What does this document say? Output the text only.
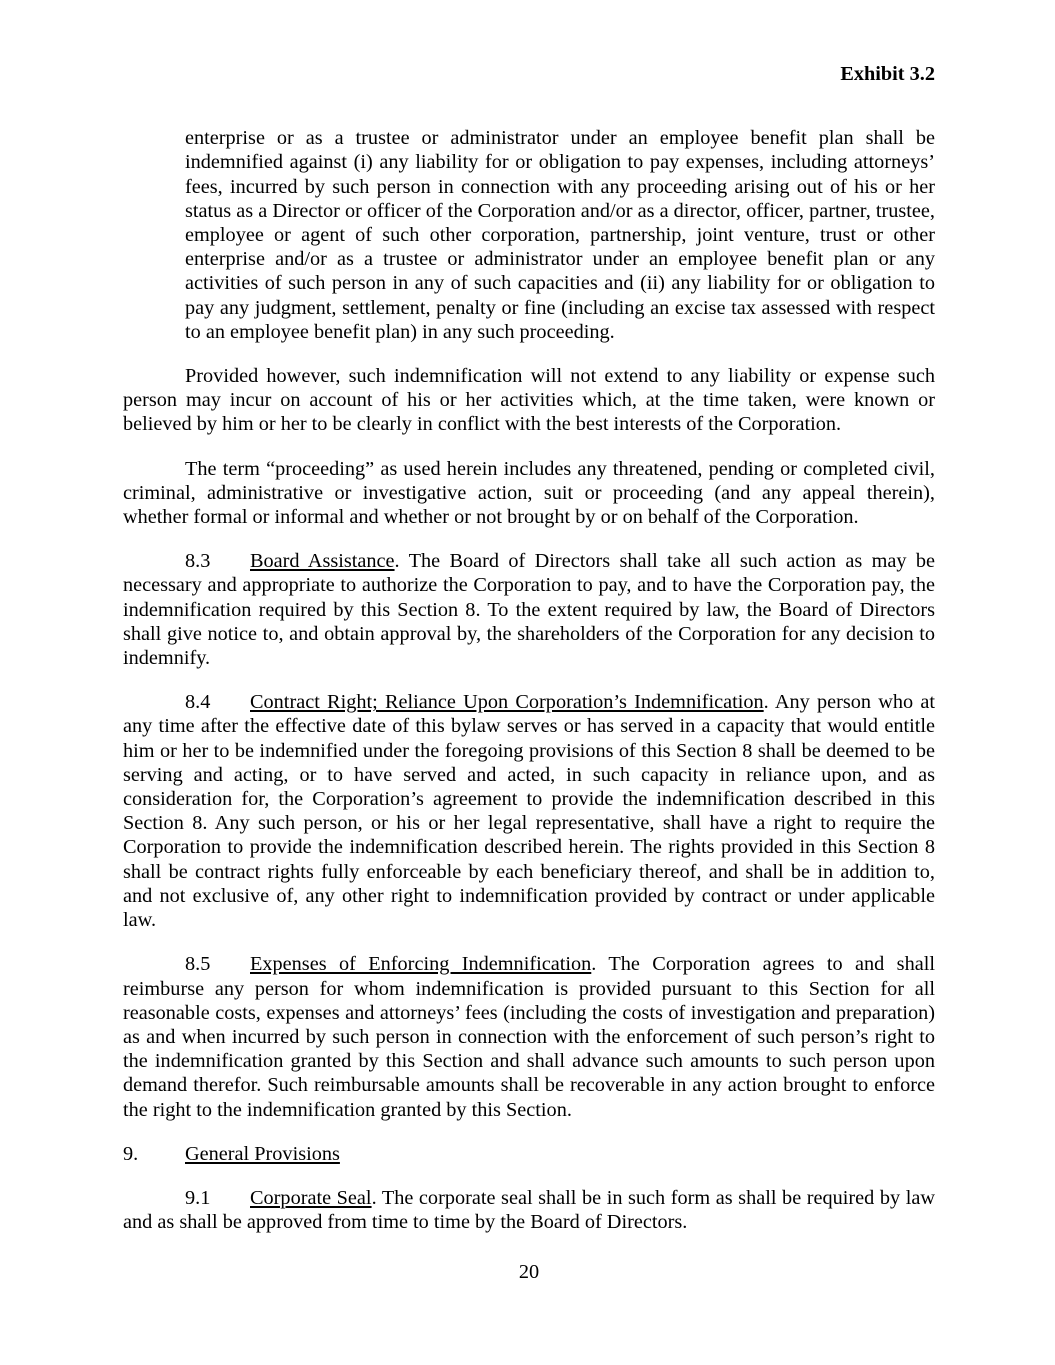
Exhibit 3.2

enterprise or as a trustee or administrator under an employee benefit plan shall be indemnified against (i) any liability for or obligation to pay expenses, including attorneys’ fees, incurred by such person in connection with any proceeding arising out of his or her status as a Director or officer of the Corporation and/or as a director, officer, partner, trustee, employee or agent of such other corporation, partnership, joint venture, trust or other enterprise and/or as a trustee or administrator under an employee benefit plan or any activities of such person in any of such capacities and (ii) any liability for or obligation to pay any judgment, settlement, penalty or fine (including an excise tax assessed with respect to an employee benefit plan) in any such proceeding.

Provided however, such indemnification will not extend to any liability or expense such person may incur on account of his or her activities which, at the time taken, were known or believed by him or her to be clearly in conflict with the best interests of the Corporation.

The term “proceeding” as used herein includes any threatened, pending or completed civil, criminal, administrative or investigative action, suit or proceeding (and any appeal therein), whether formal or informal and whether or not brought by or on behalf of the Corporation.

8.3 Board Assistance. The Board of Directors shall take all such action as may be necessary and appropriate to authorize the Corporation to pay, and to have the Corporation pay, the indemnification required by this Section 8. To the extent required by law, the Board of Directors shall give notice to, and obtain approval by, the shareholders of the Corporation for any decision to indemnify.

8.4 Contract Right; Reliance Upon Corporation’s Indemnification. Any person who at any time after the effective date of this bylaw serves or has served in a capacity that would entitle him or her to be indemnified under the foregoing provisions of this Section 8 shall be deemed to be serving and acting, or to have served and acted, in such capacity in reliance upon, and as consideration for, the Corporation’s agreement to provide the indemnification described in this Section 8. Any such person, or his or her legal representative, shall have a right to require the Corporation to provide the indemnification described herein. The rights provided in this Section 8 shall be contract rights fully enforceable by each beneficiary thereof, and shall be in addition to, and not exclusive of, any other right to indemnification provided by contract or under applicable law.

8.5 Expenses of Enforcing Indemnification. The Corporation agrees to and shall reimburse any person for whom indemnification is provided pursuant to this Section for all reasonable costs, expenses and attorneys’ fees (including the costs of investigation and preparation) as and when incurred by such person in connection with the enforcement of such person’s right to the indemnification granted by this Section and shall advance such amounts to such person upon demand therefor. Such reimbursable amounts shall be recoverable in any action brought to enforce the right to the indemnification granted by this Section.

9. General Provisions

9.1 Corporate Seal. The corporate seal shall be in such form as shall be required by law and as shall be approved from time to time by the Board of Directors.

20
